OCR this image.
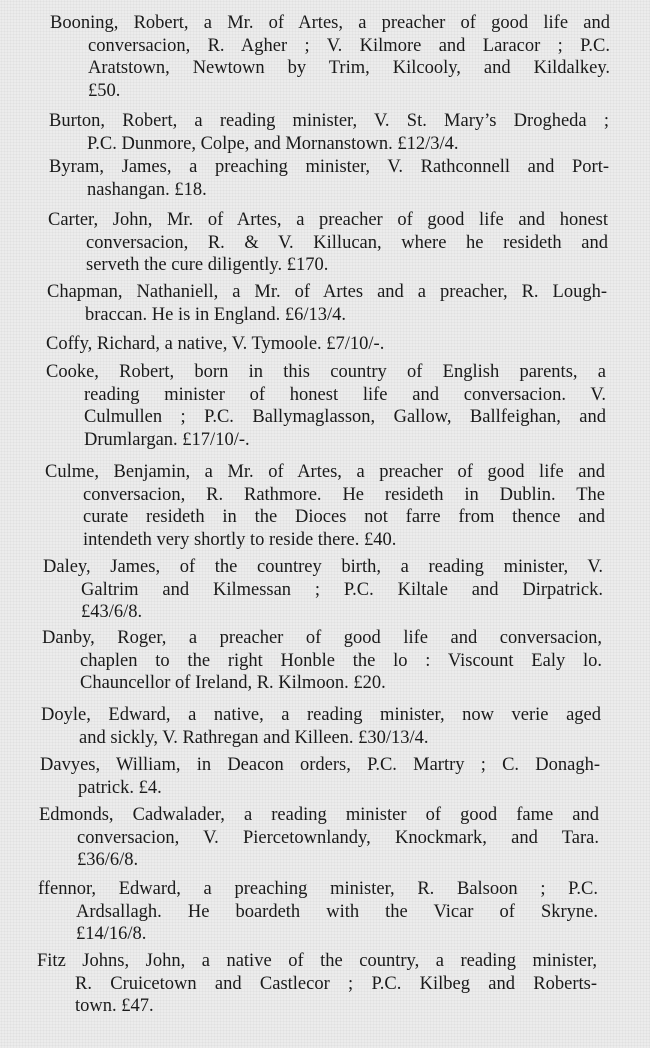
Booning, Robert, a Mr. of Artes, a preacher of good life and
conversacion, R. Agher ; V. Kilmore and Laracor ; P.C.
Aratstown, Newtown by Trim, Kilcooly, and Kildalkey.
£50.
Burton, Robert, a reading minister, V. St. Mary’s Drogheda ;
P.C. Dunmore, Colpe, and Mornanstown. £12/3/4.
Byram, James, a preaching minister, V. Rathconnell and Port-
nashangan. £18.
Carter, John, Mr. of Artes, a preacher of good life and honest
conversacion, R. & V. Killucan, where he resideth and
serveth the cure diligently. £170.
Chapman, Nathaniell, a Mr. of Artes and a preacher, R. Lough-
braccan. He is in England. £6/13/4.
Coffy, Richard, a native, V. Tymoole. £7/10/-.
Cooke, Robert, born in this country of English parents, a
reading minister of honest life and conversacion. V.
Culmullen ; P.C. Ballymaglasson, Gallow, Ballfeighan, and
Drumlargan. £17/10/-.
Culme, Benjamin, a Mr. of Artes, a preacher of good life and
conversacion, R. Rathmore. He resideth in Dublin. The
curate resideth in the Dioces not farre from thence and
intendeth very shortly to reside there. £40.
Daley, James, of the countrey birth, a reading minister, V.
Galtrim and Kilmessan ; P.C. Kiltale and Dirpatrick.
£43/6/8.
Danby, Roger, a preacher of good life and conversacion,
chaplen to the right Honble the lo : Viscount Ealy lo.
Chauncellor of Ireland, R. Kilmoon. £20.
Doyle, Edward, a native, a reading minister, now verie aged
and sickly, V. Rathregan and Killeen. £30/13/4.
Davyes, William, in Deacon orders, P.C. Martry ; C. Donagh-
patrick. £4.
Edmonds, Cadwalader, a reading minister of good fame and
conversacion, V. Piercetownlandy, Knockmark, and Tara.
£36/6/8.
ffennor, Edward, a preaching minister, R. Balsoon ; P.C.
Ardsallagh. He boardeth with the Vicar of Skryne.
£14/16/8.
Fitz Johns, John, a native of the country, a reading minister,
R. Cruicetown and Castlecor ; P.C. Kilbeg and Roberts-
town. £47.
